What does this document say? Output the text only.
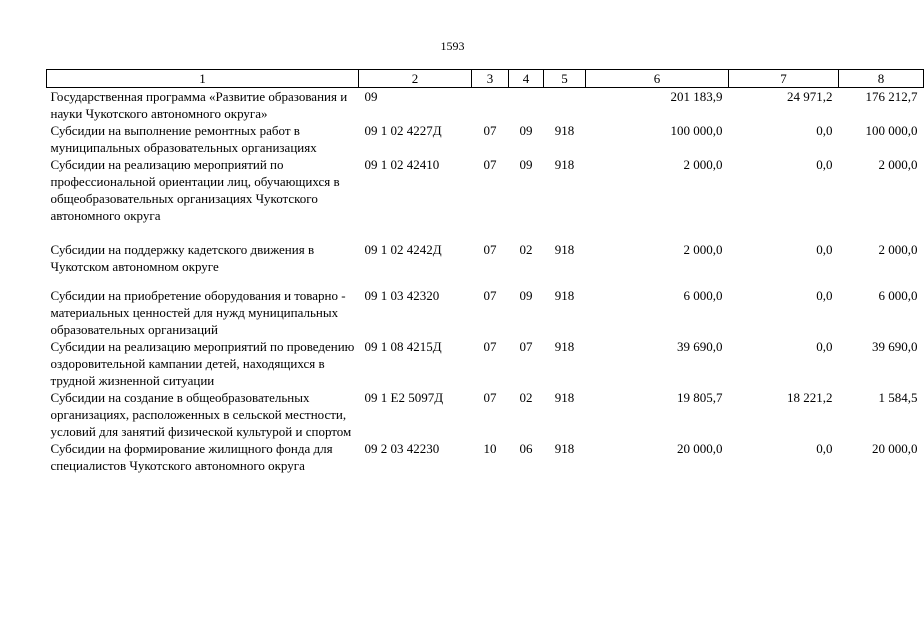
1593
1	2	3	4	5	6	7	8
Государственная программа «Развитие образования и науки Чукотского автономного округа»	09				201 183,9	24 971,2	176 212,7
Субсидии на выполнение ремонтных работ в муниципальных образовательных организациях	09 1 02 4227Д	07	09	918	100 000,0	0,0	100 000,0
Субсидии на реализацию мероприятий по профессиональной ориентации лиц, обучающихся в общеобразовательных организациях Чукотского автономного округа	09 1 02 42410	07	09	918	2 000,0	0,0	2 000,0
Субсидии на поддержку кадетского движения в Чукотском автономном округе	09 1 02 4242Д	07	02	918	2 000,0	0,0	2 000,0
Субсидии на приобретение оборудования и товарно - материальных ценностей для нужд муниципальных образовательных организаций	09 1 03 42320	07	09	918	6 000,0	0,0	6 000,0
Субсидии на реализацию мероприятий по проведению оздоровительной кампании детей, находящихся в трудной жизненной ситуации	09 1 08 4215Д	07	07	918	39 690,0	0,0	39 690,0
Субсидии на создание в общеобразовательных организациях, расположенных в сельской местности, условий для занятий физической культурой и спортом	09 1 Е2 5097Д	07	02	918	19 805,7	18 221,2	1 584,5
Субсидии на формирование жилищного фонда для специалистов Чукотского автономного округа	09 2 03 42230	10	06	918	20 000,0	0,0	20 000,0
